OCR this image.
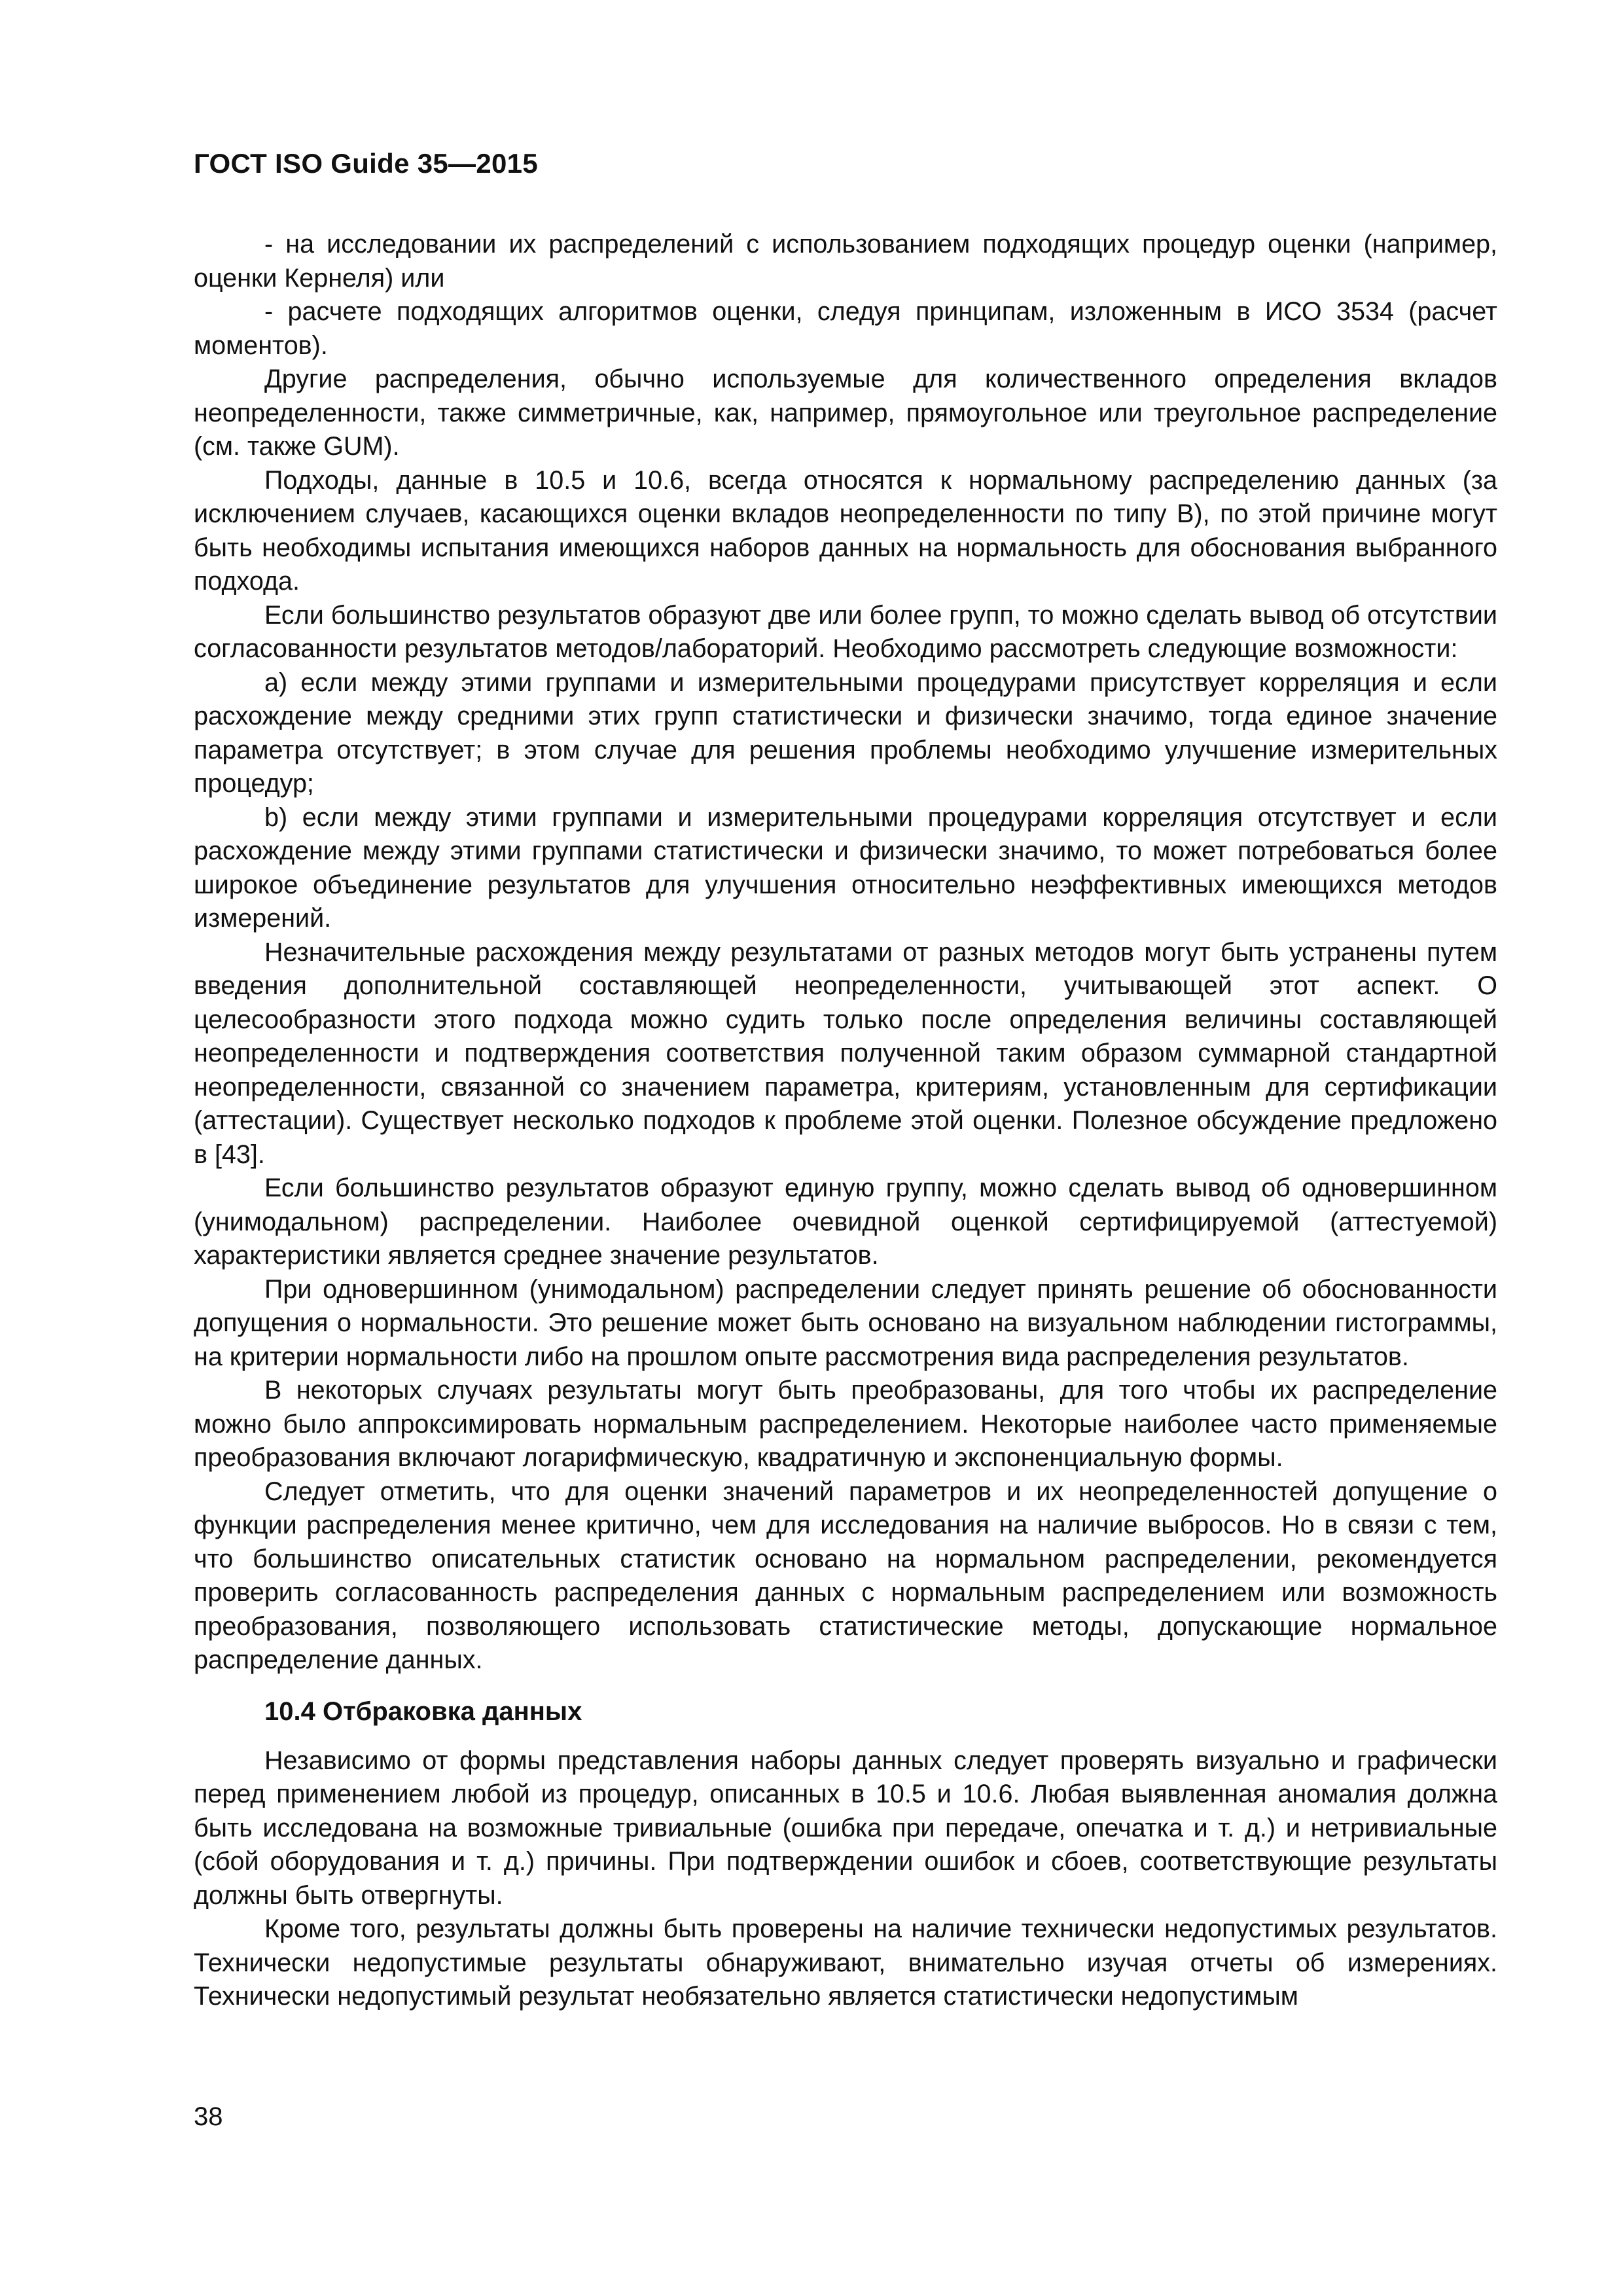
ГОСТ ISO Guide 35—2015

- на исследовании их распределений с использованием подходящих процедур оценки (например, оценки Кернеля) или

- расчете подходящих алгоритмов оценки, следуя принципам, изложенным в ИСО 3534 (расчет моментов).

Другие распределения, обычно используемые для количественного определения вкладов неопределенности, также симметричные, как, например, прямоугольное или треугольное распределение (см. также GUM).

Подходы, данные в 10.5 и 10.6, всегда относятся к нормальному распределению данных (за исключением случаев, касающихся оценки вкладов неопределенности по типу B), по этой причине могут быть необходимы испытания имеющихся наборов данных на нормальность для обоснования выбранного подхода.

Если большинство результатов образуют две или более групп, то можно сделать вывод об отсутствии согласованности результатов методов/лабораторий. Необходимо рассмотреть следующие возможности:

a) если между этими группами и измерительными процедурами присутствует корреляция и если расхождение между средними этих групп статистически и физически значимо, тогда единое значение параметра отсутствует; в этом случае для решения проблемы необходимо улучшение измерительных процедур;

b) если между этими группами и измерительными процедурами корреляция отсутствует и если расхождение между этими группами статистически и физически значимо, то может потребоваться более широкое объединение результатов для улучшения относительно неэффективных имеющихся методов измерений.

Незначительные расхождения между результатами от разных методов могут быть устранены путем введения дополнительной составляющей неопределенности, учитывающей этот аспект. О целесообразности этого подхода можно судить только после определения величины составляющей неопределенности и подтверждения соответствия полученной таким образом суммарной стандартной неопределенности, связанной со значением параметра, критериям, установленным для сертификации (аттестации). Существует несколько подходов к проблеме этой оценки. Полезное обсуждение предложено в [43].

Если большинство результатов образуют единую группу, можно сделать вывод об одновершинном (унимодальном) распределении. Наиболее очевидной оценкой сертифицируемой (аттестуемой) характеристики является среднее значение результатов.

При одновершинном (унимодальном) распределении следует принять решение об обоснованности допущения о нормальности. Это решение может быть основано на визуальном наблюдении гистограммы, на критерии нормальности либо на прошлом опыте рассмотрения вида распределения результатов.

В некоторых случаях результаты могут быть преобразованы, для того чтобы их распределение можно было аппроксимировать нормальным распределением. Некоторые наиболее часто применяемые преобразования включают логарифмическую, квадратичную и экспоненциальную формы.

Следует отметить, что для оценки значений параметров и их неопределенностей допущение о функции распределения менее критично, чем для исследования на наличие выбросов. Но в связи с тем, что большинство описательных статистик основано на нормальном распределении, рекомендуется проверить согласованность распределения данных с нормальным распределением или возможность преобразования, позволяющего использовать статистические методы, допускающие нормальное распределение данных.

10.4 Отбраковка данных

Независимо от формы представления наборы данных следует проверять визуально и графически перед применением любой из процедур, описанных в 10.5 и 10.6. Любая выявленная аномалия должна быть исследована на возможные тривиальные (ошибка при передаче, опечатка и т. д.) и нетривиальные (сбой оборудования и т. д.) причины. При подтверждении ошибок и сбоев, соответствующие результаты должны быть отвергнуты.

Кроме того, результаты должны быть проверены на наличие технически недопустимых результатов. Технически недопустимые результаты обнаруживают, внимательно изучая отчеты об измерениях. Технически недопустимый результат необязательно является статистически недопустимым

38
